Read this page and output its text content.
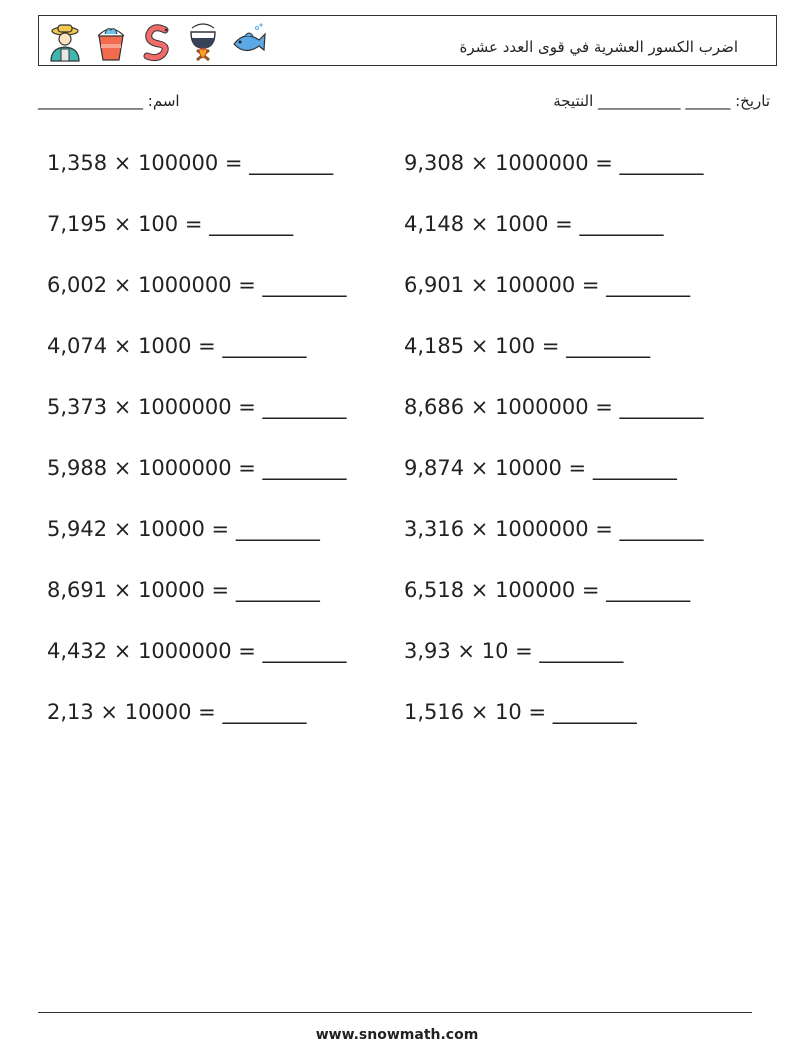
اضرب الكسور العشرية في قوى العدد عشرة
اسم: ______________	تاريخ: ______ ___________ النتيجة
1,358 × 100000 = ________	9,308 × 1000000 = ________
7,195 × 100 = ________	4,148 × 1000 = ________
6,002 × 1000000 = ________	6,901 × 100000 = ________
4,074 × 1000 = ________	4,185 × 100 = ________
5,373 × 1000000 = ________	8,686 × 1000000 = ________
5,988 × 1000000 = ________	9,874 × 10000 = ________
5,942 × 10000 = ________	3,316 × 1000000 = ________
8,691 × 10000 = ________	6,518 × 100000 = ________
4,432 × 1000000 = ________	3,93 × 10 = ________
2,13 × 10000 = ________	1,516 × 10 = ________
www.snowmath.com
